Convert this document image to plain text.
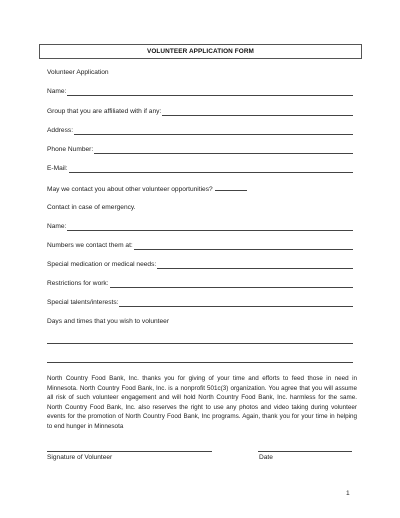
VOLUNTEER APPLICATION FORM
Volunteer Application
Name:
Group that you are affiliated with if any:
Address:
Phone Number:
E-Mail:
May we contact you about other volunteer opportunities?
Contact in case of emergency.
Name:
Numbers we contact them at:
Special medication or medical needs:
Restrictions for work:
Special talents/interests:
Days and times that you wish to volunteer
North Country Food Bank, Inc. thanks you for giving of your time and efforts to feed those in need in Minnesota. North Country Food Bank, Inc. is a nonprofit 501c(3) organization. You agree that you will assume all risk of such volunteer engagement and will hold North Country Food Bank, Inc. harmless for the same. North Country Food Bank, Inc. also reserves the right to use any photos and video taking during volunteer events for the promotion of North Country Food Bank, Inc programs. Again, thank you for your time in helping to end hunger in Minnesota
Signature of Volunteer	Date
1
